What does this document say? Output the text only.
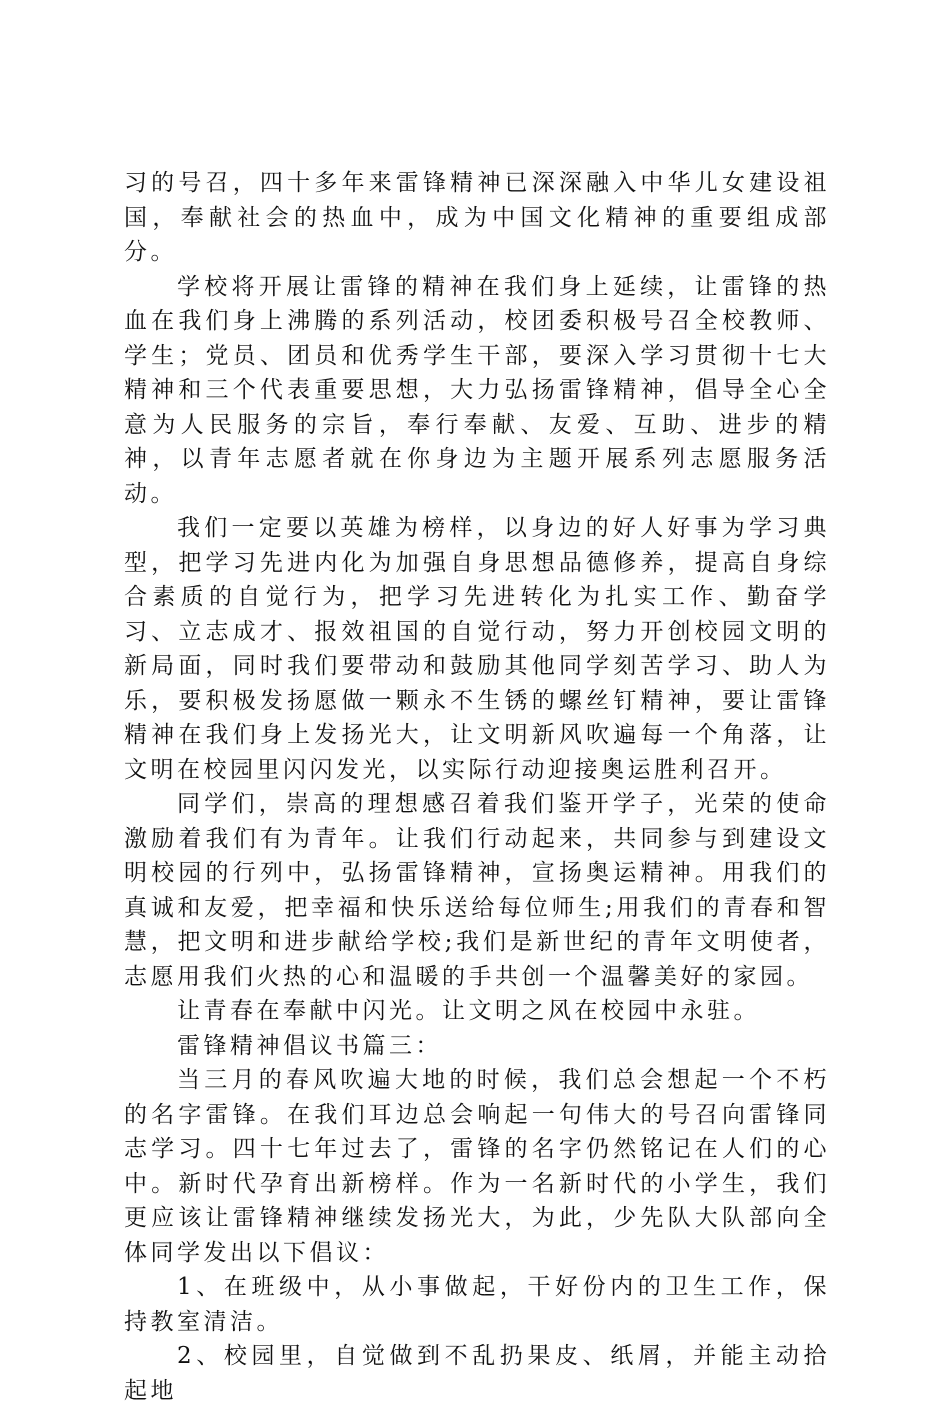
习的号召，四十多年来雷锋精神已深深融入中华儿女建设祖国，奉献社会的热血中，成为中国文化精神的重要组成部分。

学校将开展让雷锋的精神在我们身上延续，让雷锋的热血在我们身上沸腾的系列活动，校团委积极号召全校教师、学生；党员、团员和优秀学生干部，要深入学习贯彻十七大精神和三个代表重要思想，大力弘扬雷锋精神，倡导全心全意为人民服务的宗旨，奉行奉献、友爱、互助、进步的精神，以青年志愿者就在你身边为主题开展系列志愿服务活动。

我们一定要以英雄为榜样，以身边的好人好事为学习典型，把学习先进内化为加强自身思想品德修养，提高自身综合素质的自觉行为，把学习先进转化为扎实工作、勤奋学习、立志成才、报效祖国的自觉行动，努力开创校园文明的新局面，同时我们要带动和鼓励其他同学刻苦学习、助人为乐，要积极发扬愿做一颗永不生锈的螺丝钉精神，要让雷锋精神在我们身上发扬光大，让文明新风吹遍每一个角落，让文明在校园里闪闪发光，以实际行动迎接奥运胜利召开。

同学们，崇高的理想感召着我们鉴开学子，光荣的使命激励着我们有为青年。让我们行动起来，共同参与到建设文明校园的行列中，弘扬雷锋精神，宣扬奥运精神。用我们的真诚和友爱，把幸福和快乐送给每位师生;用我们的青春和智慧，把文明和进步献给学校;我们是新世纪的青年文明使者，志愿用我们火热的心和温暖的手共创一个温馨美好的家园。

让青春在奉献中闪光。让文明之风在校园中永驻。

雷锋精神倡议书篇三：

当三月的春风吹遍大地的时候，我们总会想起一个不朽的名字雷锋。在我们耳边总会响起一句伟大的号召向雷锋同志学习。四十七年过去了，雷锋的名字仍然铭记在人们的心中。新时代孕育出新榜样。作为一名新时代的小学生，我们更应该让雷锋精神继续发扬光大，为此，少先队大队部向全体同学发出以下倡议：

1、在班级中，从小事做起，干好份内的卫生工作，保持教室清洁。

2、校园里，自觉做到不乱扔果皮、纸屑，并能主动拾起地
